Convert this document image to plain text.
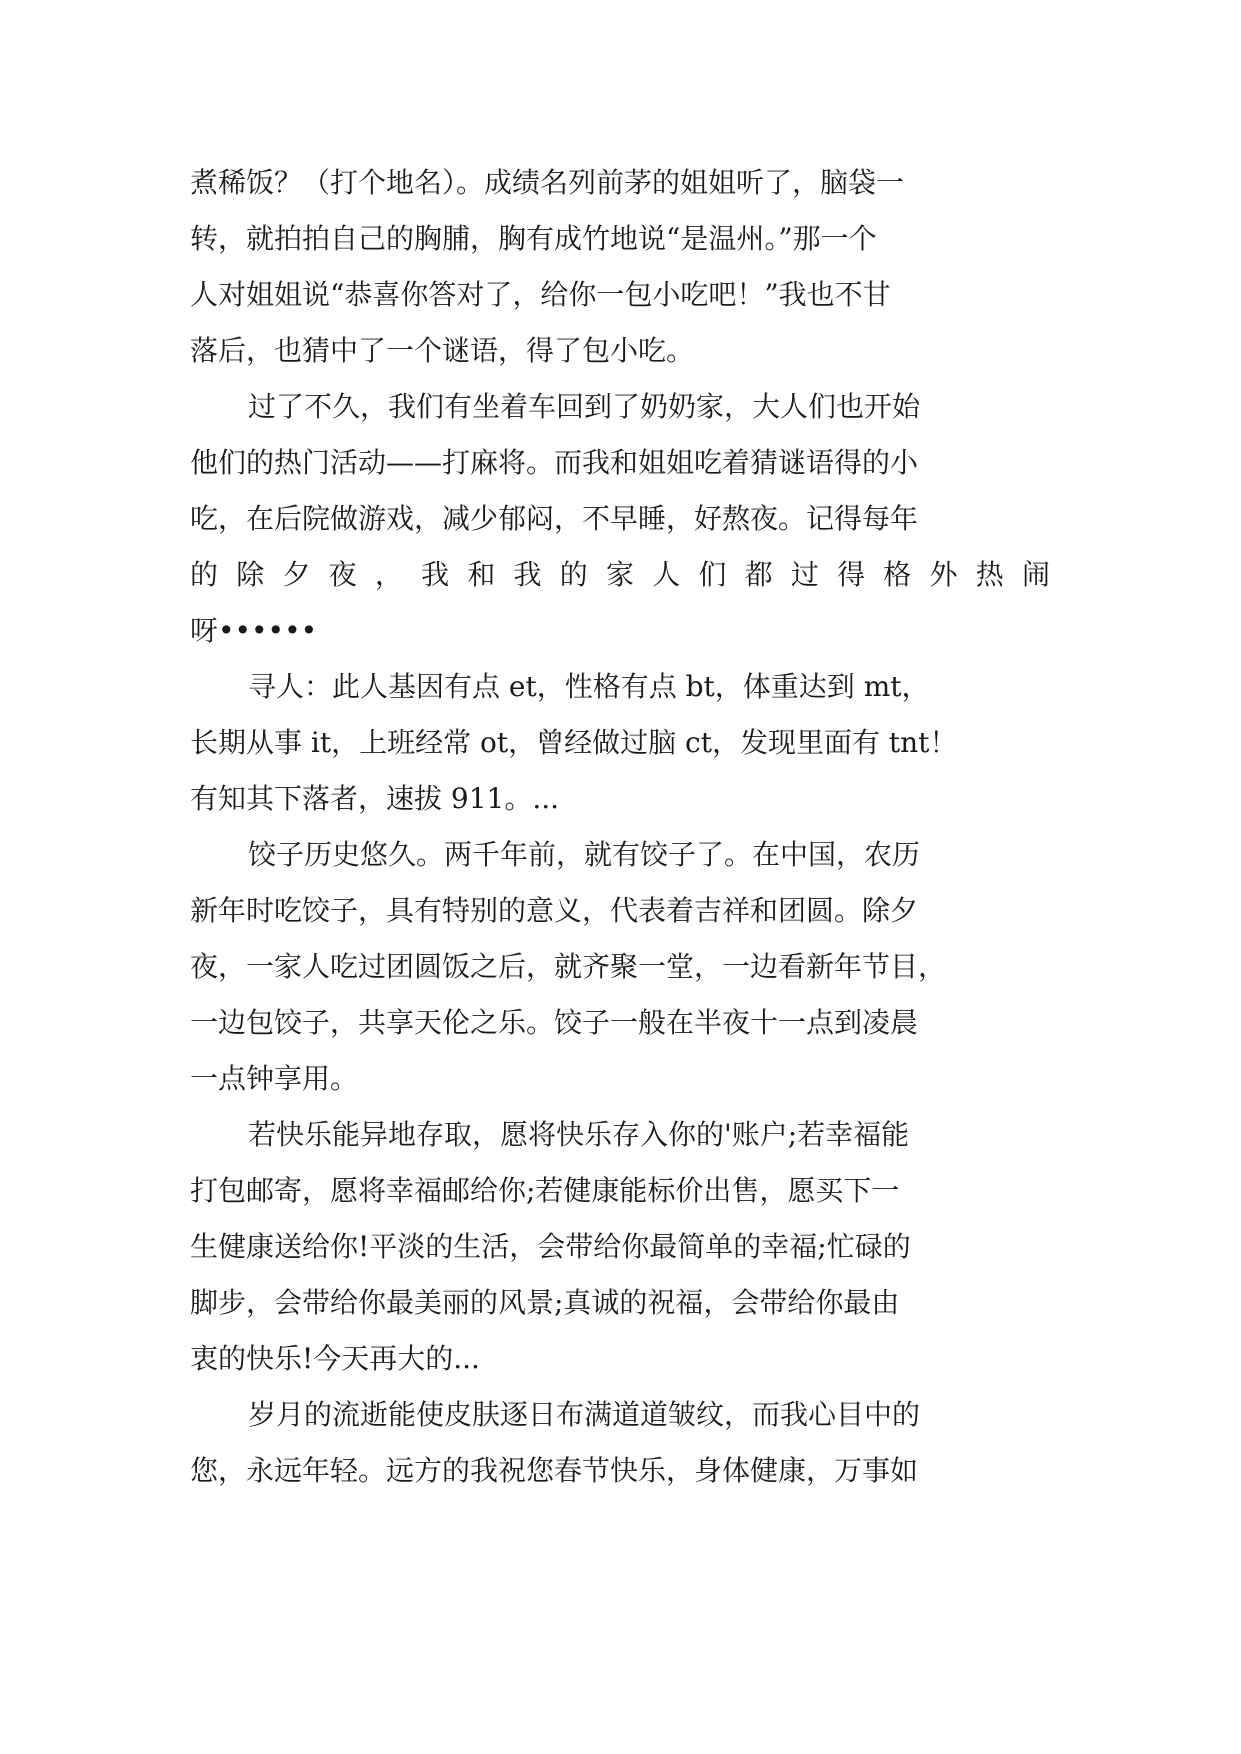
煮稀饭？（打个地名）。成绩名列前茅的姐姐听了，脑袋一

转，就拍拍自己的胸脯，胸有成竹地说“是温州。”那一个

人对姐姐说“恭喜你答对了，给你一包小吃吧！”我也不甘

落后，也猜中了一个谜语，得了包小吃。

过了不久，我们有坐着车回到了奶奶家，大人们也开始

他们的热门活动——打麻将。而我和姐姐吃着猜谜语得的小

吃，在后院做游戏，减少郁闷，不早睡，好熬夜。记得每年

的 除 夕 夜 ， 我 和 我 的 家 人 们 都 过 得 格 外 热 闹

呀••••••

寻人：此人基因有点 et，性格有点 bt，体重达到 mt，

长期从事 it，上班经常 ot，曾经做过脑 ct，发现里面有 tnt！

有知其下落者，速拔 911。...

饺子历史悠久。两千年前，就有饺子了。在中国，农历

新年时吃饺子，具有特别的意义，代表着吉祥和团圆。除夕

夜，一家人吃过团圆饭之后，就齐聚一堂，一边看新年节目，

一边包饺子，共享天伦之乐。饺子一般在半夜十一点到凌晨

一点钟享用。

若快乐能异地存取，愿将快乐存入你的'账户;若幸福能

打包邮寄，愿将幸福邮给你;若健康能标价出售，愿买下一

生健康送给你!平淡的生活，会带给你最简单的幸福;忙碌的

脚步，会带给你最美丽的风景;真诚的祝福，会带给你最由

衷的快乐!今天再大的...

岁月的流逝能使皮肤逐日布满道道皱纹，而我心目中的

您，永远年轻。远方的我祝您春节快乐，身体健康，万事如
